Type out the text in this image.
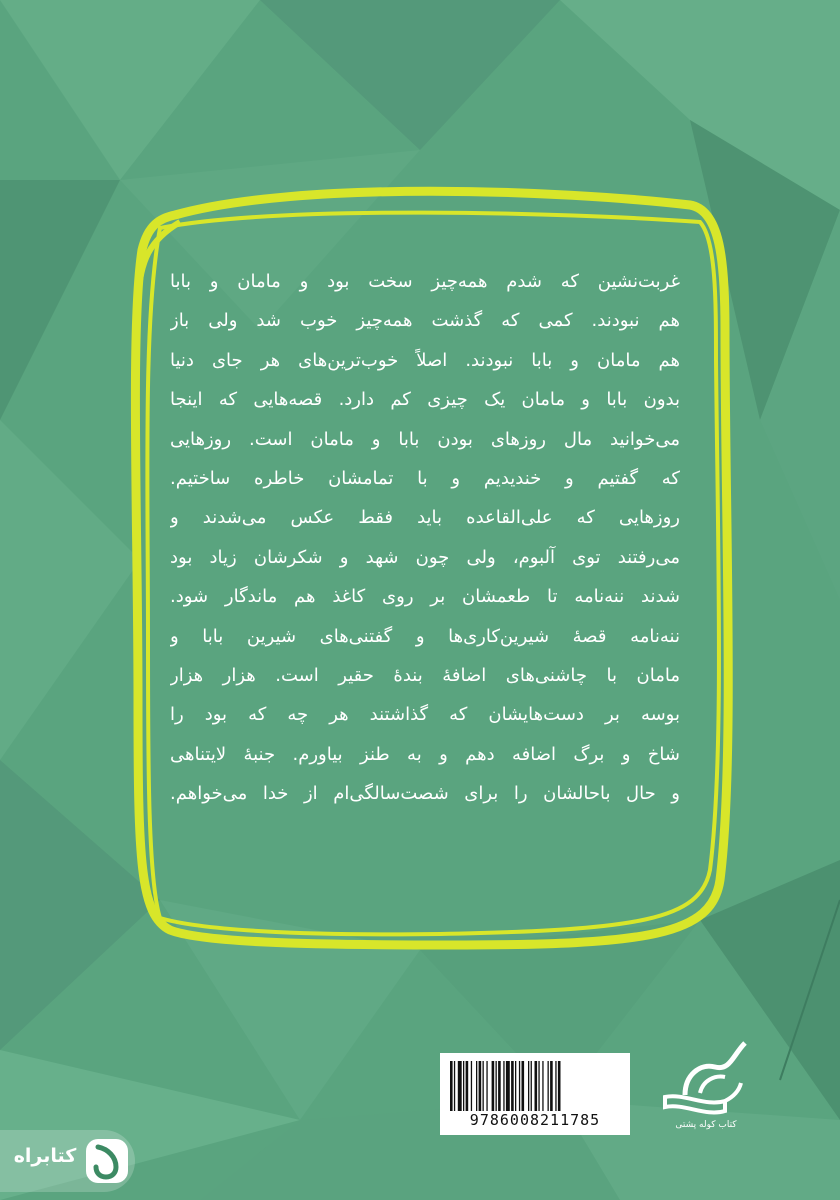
غربت‌نشین که شدم همه‌چیز سخت بود و مامان و بابا
هم نبودند. کمی که گذشت همه‌چیز خوب شد ولی باز
هم مامان و بابا نبودند. اصلاً خوب‌ترین‌های هر جای دنیا
بدون بابا و مامان یک چیزی کم دارد. قصه‌هایی که اینجا
می‌خوانید مال روزهای بودن بابا و مامان است. روزهایی
که گفتیم و خندیدیم و با تمامشان خاطره ساختیم.
روزهایی که علی‌القاعده باید فقط عکس می‌شدند و
می‌رفتند توی آلبوم، ولی چون شهد و شکرشان زیاد بود
شدند ننه‌نامه تا طعمشان بر روی کاغذ هم ماندگار شود.
ننه‌نامه قصهٔ شیرین‌کاری‌ها و گفتنی‌های شیرین بابا و
مامان با چاشنی‌های اضافهٔ بندهٔ حقیر است. هزار هزار
بوسه بر دست‌هایشان که گذاشتند هر چه که بود را
شاخ و برگ اضافه دهم و به طنز بیاورم. جنبهٔ لایتناهی
و حال باحالشان را برای شصت‌سالگی‌ام از خدا می‌خواهم.
9786008211785	کتاب کوله پشتی
کتابراه
